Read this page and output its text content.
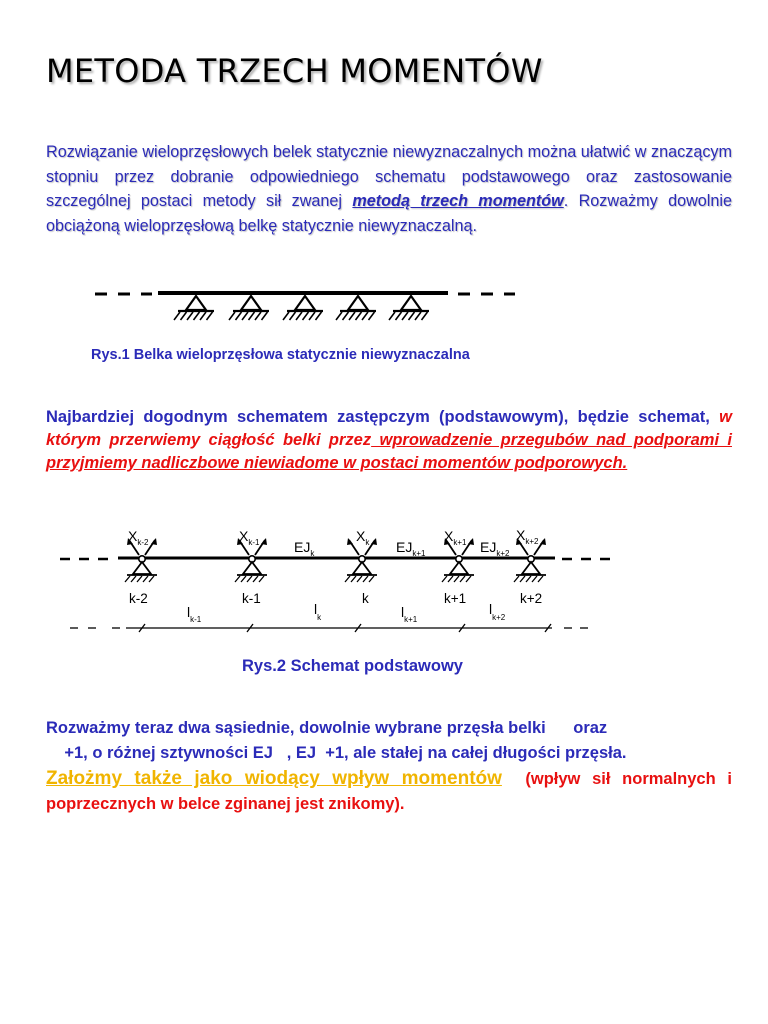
METODA TRZECH MOMENTÓW
Rozwiązanie wieloprzęsłowych belek statycznie niewyznaczalnych można ułatwić w znaczącym stopniu przez dobranie odpowiedniego schematu podstawowego oraz zastosowanie szczególnej postaci metody sił zwanej metodą trzech momentów. Rozważmy dowolnie obciążoną wieloprzęsłową belkę statycznie niewyznaczalną.
Rys.1 Belka wieloprzęsłowa statycznie niewyznaczalna
Najbardziej dogodnym schematem zastępczym (podstawowym), będzie schemat, w którym przerwiemy ciągłość belki przez wprowadzenie przegubów nad podporami i przyjmiemy nadliczbowe niewiadome w postaci momentów podporowych.
$X_{k-2}$	$X_{k-1}$	$X_k$	$X_{k+1}$	$X_{k+2}$
$EJ_k$	$EJ_{k+1}$	$EJ_{k+2}$
k-2	k-1	k	k+1	k+2
$l_{k-1}$
$l_k$	$l_{k+1}$
$l_{k+2}$
Rys.2 Schemat podstawowy
Rozważmy teraz dwa sąsiednie, dowolnie wybrane przęsła belki      oraz
+1, o różnej sztywności EJ   , EJ  +1, ale stałej na całej długości przęsła.
Założmy także jako wiodący wpływ momentów (wpływ sił normalnych i poprzecznych w belce zginanej jest znikomy).
